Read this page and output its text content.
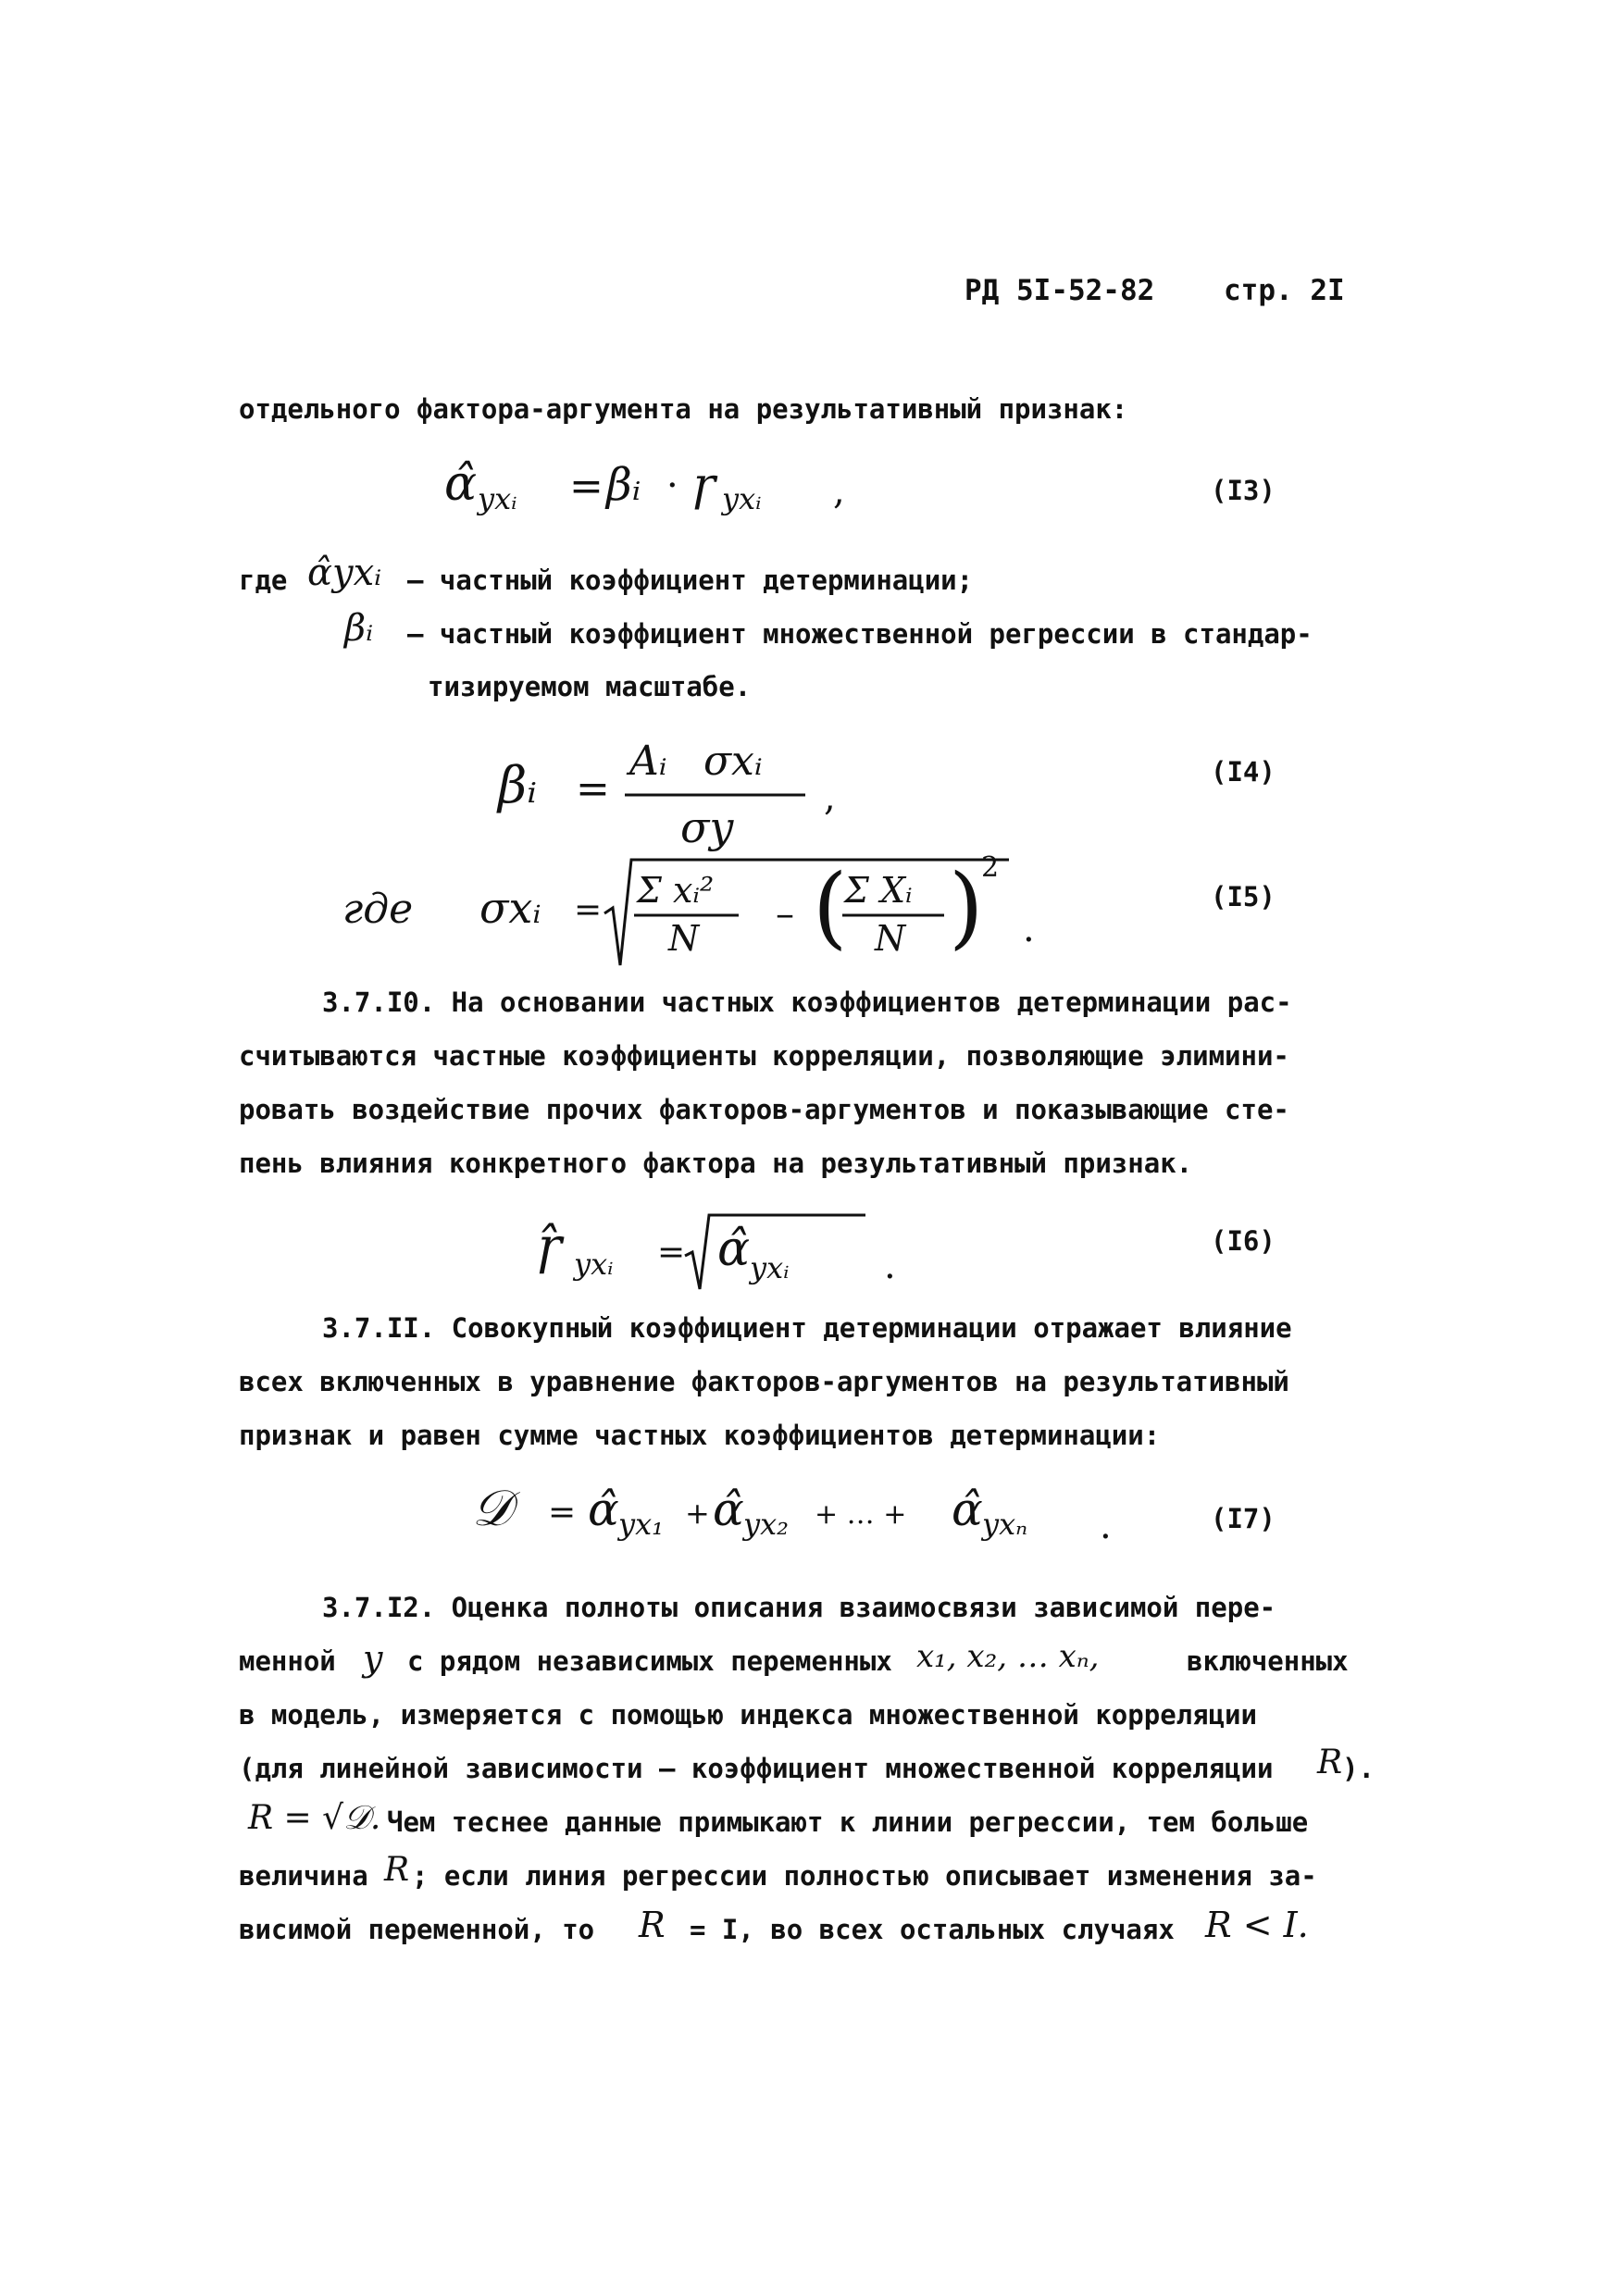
РД 5I-52-82 стр. 2I
отдельного фактора-аргумента на результативный признак:
α̂ yxᵢ = βᵢ · ɼ yxᵢ ,	(I3)
где α̂yxᵢ – частный коэффициент детерминации;
βᵢ – частный коэффициент множественной регрессии в стандар-
тизируемом масштабе.
βᵢ =
Aᵢ σxᵢ
σy
,
(I4)
где σxᵢ = Σ xᵢ²
N
– (
Σ Xᵢ
N )
2
.
(I5)
3.7.I0. На основании частных коэффициентов детерминации рас-
считываются частные коэффициенты корреляции, позволяющие элимини-
ровать воздействие прочих факторов-аргументов и показывающие сте-
пень влияния конкретного фактора на результативный признак.
ɼ̂ yxᵢ = α̂ yxᵢ	.
(I6)
3.7.II. Совокупный коэффициент детерминации отражает влияние
всех включенных в уравнение факторов-аргументов на результативный
признак и равен сумме частных коэффициентов детерминации:
𝒟 = α̂ yx₁ + α̂ yx₂ + … + α̂ yxₙ .	(I7)
3.7.I2. Оценка полноты описания взаимосвязи зависимой пере-
менной y с рядом независимых переменных x₁, x₂, … xₙ,	включенных
в модель, измеряется с помощью индекса множественной корреляции
(для линейной зависимости – коэффициент множественной корреляции R ).
R = √𝒟. Чем теснее данные примыкают к линии регрессии, тем больше
величина R ; если линия регрессии полностью описывает изменения за-
висимой переменной, то R = I, во всех остальных случаях R < I.
